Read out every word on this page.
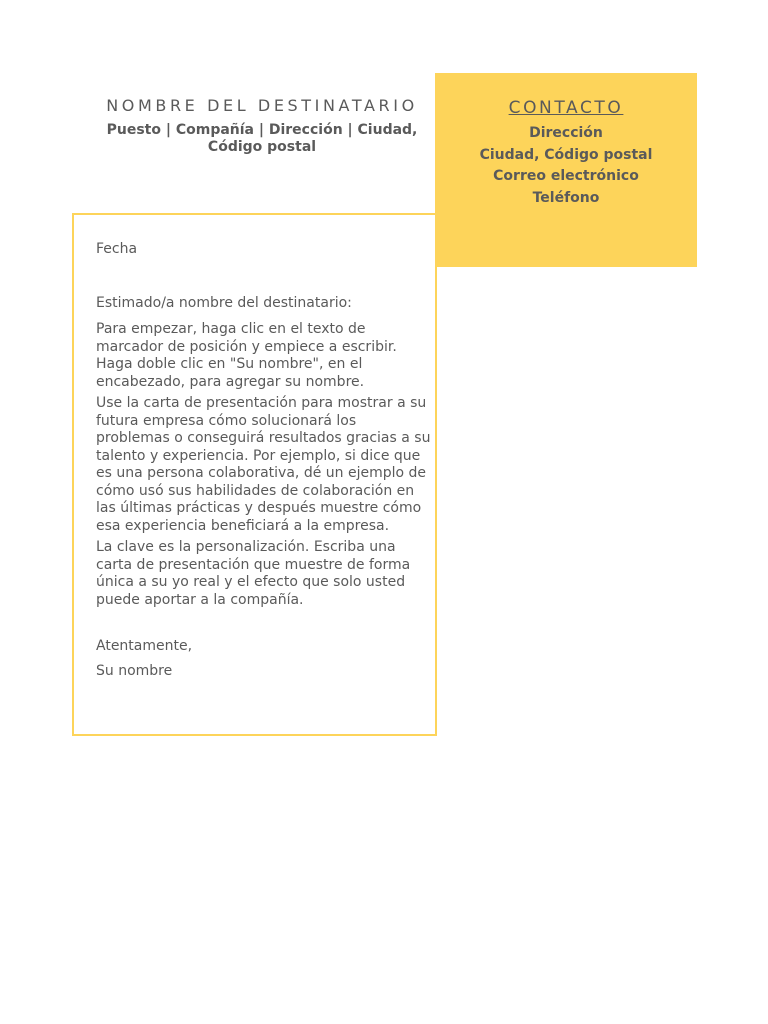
NOMBRE DEL DESTINATARIO
Puesto | Compañía | Dirección | Ciudad, Código postal
CONTACTO
Dirección
Ciudad, Código postal
Correo electrónico
Teléfono
Fecha
Estimado/a nombre del destinatario:

Para empezar, haga clic en el texto de marcador de posición y empiece a escribir. Haga doble clic en "Su nombre", en el encabezado, para agregar su nombre.

Use la carta de presentación para mostrar a su futura empresa cómo solucionará los problemas o conseguirá resultados gracias a su talento y experiencia. Por ejemplo, si dice que es una persona colaborativa, dé un ejemplo de cómo usó sus habilidades de colaboración en las últimas prácticas y después muestre cómo esa experiencia beneficiará a la empresa.

La clave es la personalización. Escriba una carta de presentación que muestre de forma única a su yo real y el efecto que solo usted puede aportar a la compañía.

Atentamente,
Su nombre
